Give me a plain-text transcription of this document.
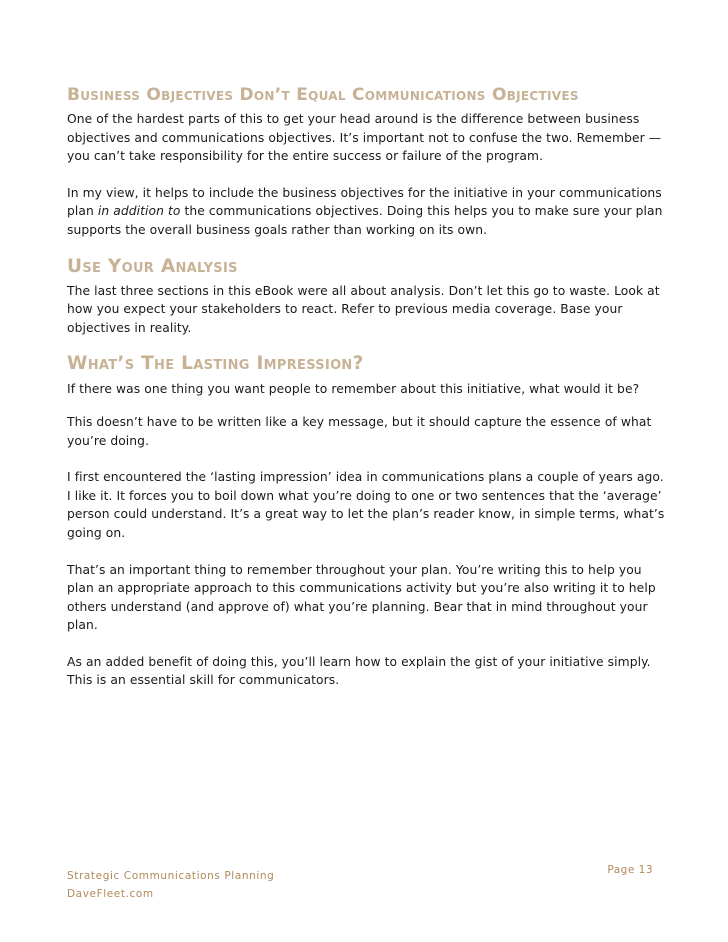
Business Objectives Don’t Equal Communications Objectives

One of the hardest parts of this to get your head around is the difference between business objectives and communications objectives. It’s important not to confuse the two. Remember — you can’t take responsibility for the entire success or failure of the program.

In my view, it helps to include the business objectives for the initiative in your communications plan in addition to the communications objectives. Doing this helps you to make sure your plan supports the overall business goals rather than working on its own.

Use Your Analysis

The last three sections in this eBook were all about analysis. Don’t let this go to waste. Look at how you expect your stakeholders to react. Refer to previous media coverage. Base your objectives in reality.

What’s The Lasting Impression?

If there was one thing you want people to remember about this initiative, what would it be?

This doesn’t have to be written like a key message, but it should capture the essence of what you’re doing.

I first encountered the ‘lasting impression’ idea in communications plans a couple of years ago. I like it. It forces you to boil down what you’re doing to one or two sentences that the ‘average’ person could understand. It’s a great way to let the plan’s reader know, in simple terms, what’s going on.

That’s an important thing to remember throughout your plan. You’re writing this to help you plan an appropriate approach to this communications activity but you’re also writing it to help others understand (and approve of) what you’re planning. Bear that in mind throughout your plan.

As an added benefit of doing this, you’ll learn how to explain the gist of your initiative simply. This is an essential skill for communicators.

Strategic Communications Planning
DaveFleet.com
Page 13
